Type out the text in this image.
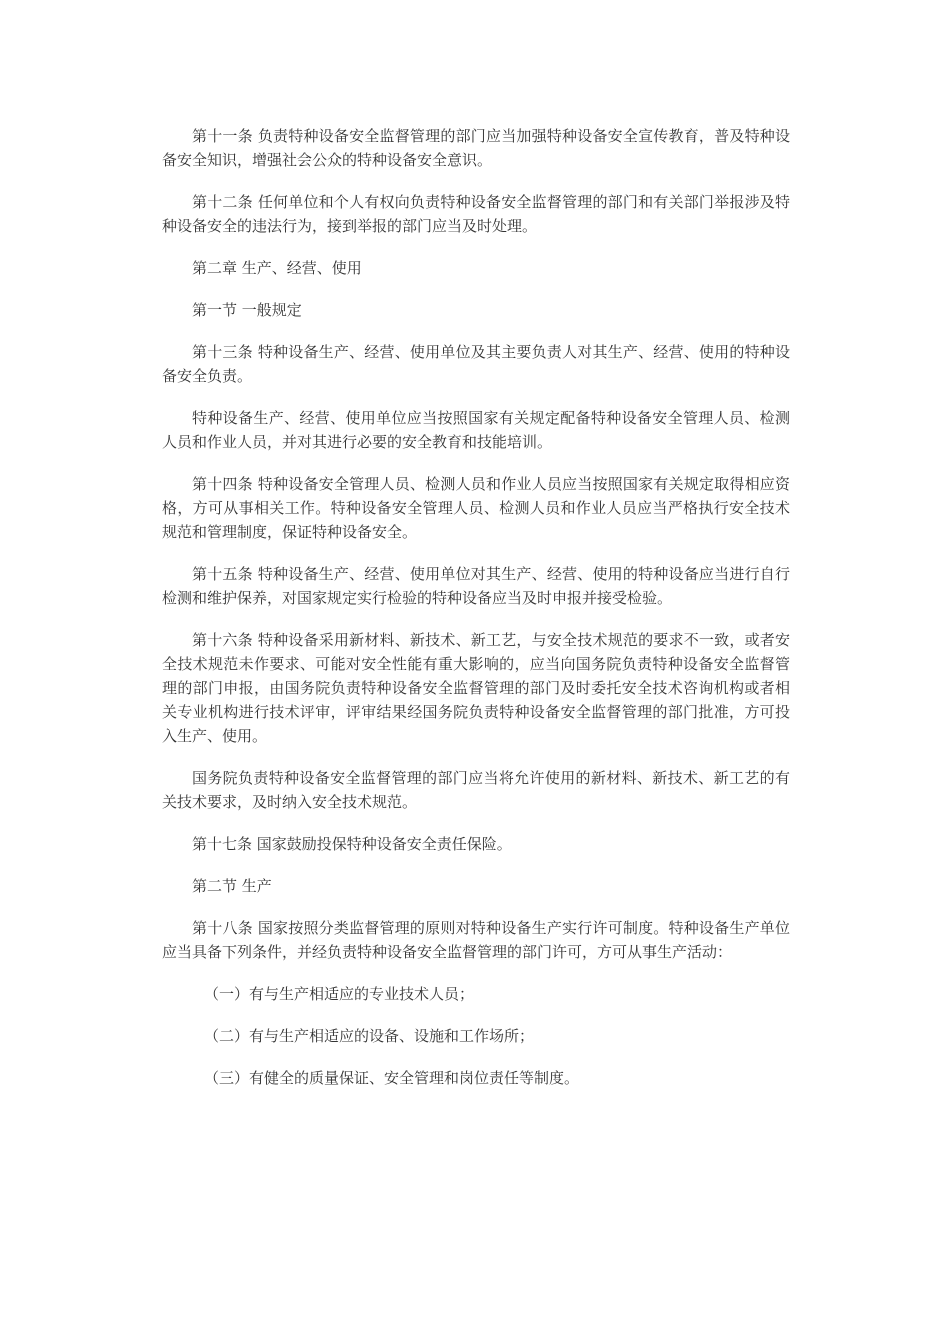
第十一条 负责特种设备安全监督管理的部门应当加强特种设备安全宣传教育，普及特种设备安全知识，增强社会公众的特种设备安全意识。

第十二条 任何单位和个人有权向负责特种设备安全监督管理的部门和有关部门举报涉及特种设备安全的违法行为，接到举报的部门应当及时处理。

第二章 生产、经营、使用

第一节 一般规定

第十三条 特种设备生产、经营、使用单位及其主要负责人对其生产、经营、使用的特种设备安全负责。

特种设备生产、经营、使用单位应当按照国家有关规定配备特种设备安全管理人员、检测人员和作业人员，并对其进行必要的安全教育和技能培训。

第十四条 特种设备安全管理人员、检测人员和作业人员应当按照国家有关规定取得相应资格，方可从事相关工作。特种设备安全管理人员、检测人员和作业人员应当严格执行安全技术规范和管理制度，保证特种设备安全。

第十五条 特种设备生产、经营、使用单位对其生产、经营、使用的特种设备应当进行自行检测和维护保养，对国家规定实行检验的特种设备应当及时申报并接受检验。

第十六条 特种设备采用新材料、新技术、新工艺，与安全技术规范的要求不一致，或者安全技术规范未作要求、可能对安全性能有重大影响的，应当向国务院负责特种设备安全监督管理的部门申报，由国务院负责特种设备安全监督管理的部门及时委托安全技术咨询机构或者相关专业机构进行技术评审，评审结果经国务院负责特种设备安全监督管理的部门批准，方可投入生产、使用。

国务院负责特种设备安全监督管理的部门应当将允许使用的新材料、新技术、新工艺的有关技术要求，及时纳入安全技术规范。

第十七条 国家鼓励投保特种设备安全责任保险。

第二节 生产

第十八条 国家按照分类监督管理的原则对特种设备生产实行许可制度。特种设备生产单位应当具备下列条件，并经负责特种设备安全监督管理的部门许可，方可从事生产活动：

（一）有与生产相适应的专业技术人员；

（二）有与生产相适应的设备、设施和工作场所；

（三）有健全的质量保证、安全管理和岗位责任等制度。
